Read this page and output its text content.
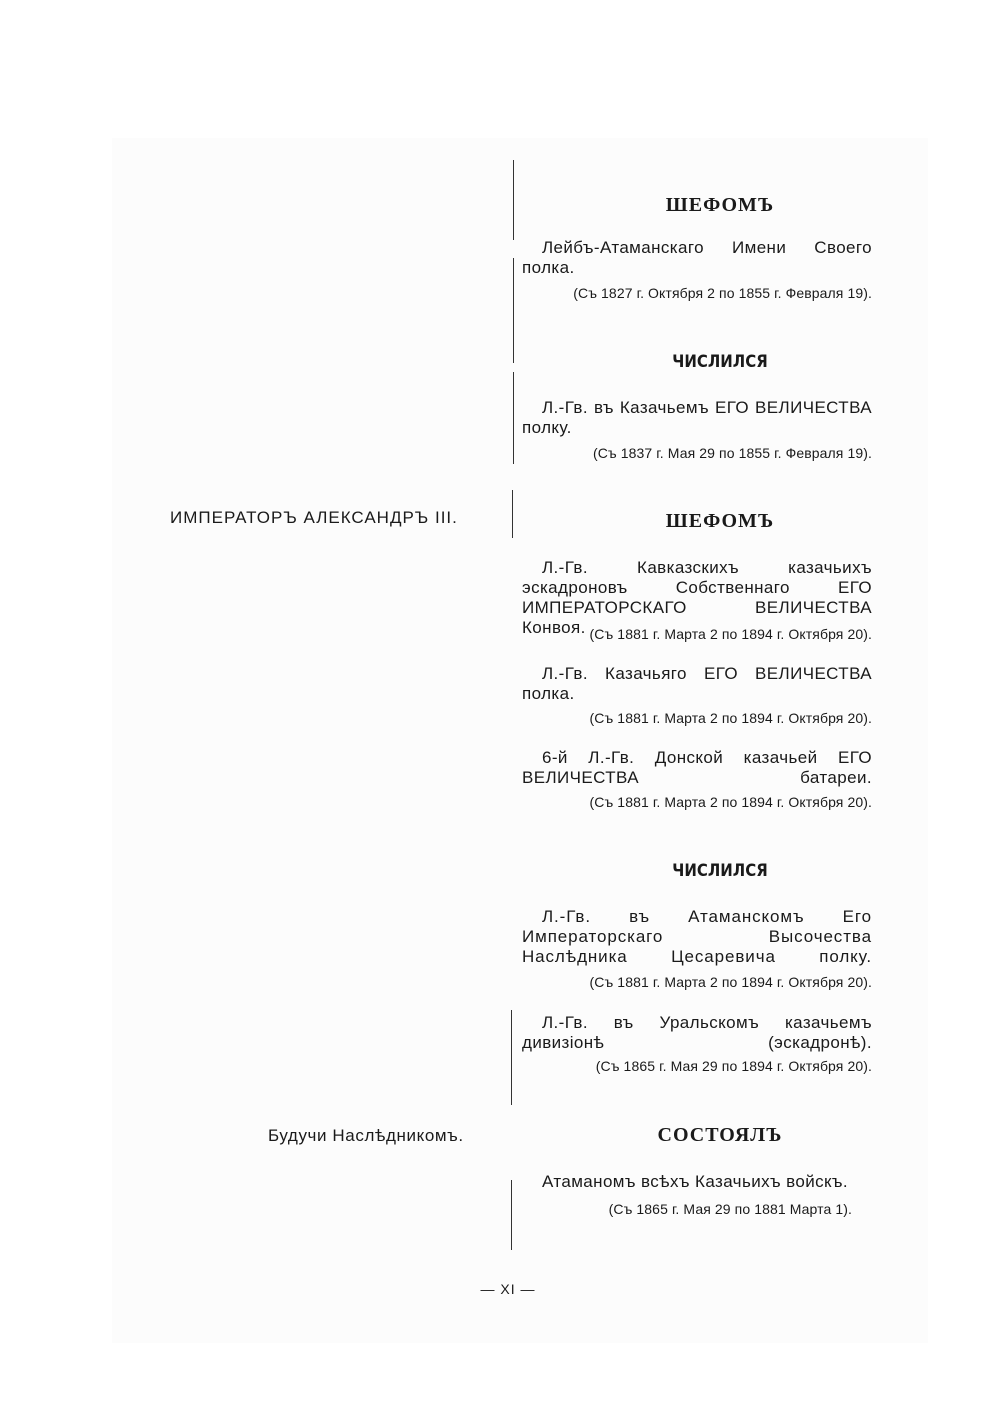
ИМПЕРАТОРЪ АЛЕКСАНДРЪ III.
Будучи Наслѣдникомъ.
ШЕФОМЪ

Лейбъ-Атаманскаго Имени Своего полка.

(Съ 1827 г. Октября 2 по 1855 г. Февраля 19).

ЧИСЛИЛСЯ

Л.-Гв. въ Казачьемъ ЕГО ВЕЛИЧЕСТВА полку.

(Съ 1837 г. Мая 29 по 1855 г. Февраля 19).

ШЕФОМЪ

Л.-Гв. Кавказскихъ казачьихъ эскадроновъ Собственнаго ЕГО ИМПЕРАТОРСКАГО ВЕЛИЧЕСТВА Конвоя. (Съ 1881 г. Марта 2 по 1894 г. Октября 20).

Л.-Гв. Казачьяго ЕГО ВЕЛИЧЕСТВА полка.

(Съ 1881 г. Марта 2 по 1894 г. Октября 20).

6-й Л.-Гв. Донской казачьей ЕГО ВЕЛИЧЕСТВА батареи.

(Съ 1881 г. Марта 2 по 1894 г. Октября 20).

ЧИСЛИЛСЯ

Л.-Гв. въ Атаманскомъ Его Императорскаго Высочества Наслѣдника Цесаревича полку.

(Съ 1881 г. Марта 2 по 1894 г. Октября 20).

Л.-Гв. въ Уральскомъ казачьемъ дивизіонѣ (эскадронѣ).

(Съ 1865 г. Мая 29 по 1894 г. Октября 20).

СОСТОЯЛЪ

Атаманомъ всѣхъ Казачьихъ войскъ.

(Съ 1865 г. Мая 29 по 1881 Марта 1).

— XI —
